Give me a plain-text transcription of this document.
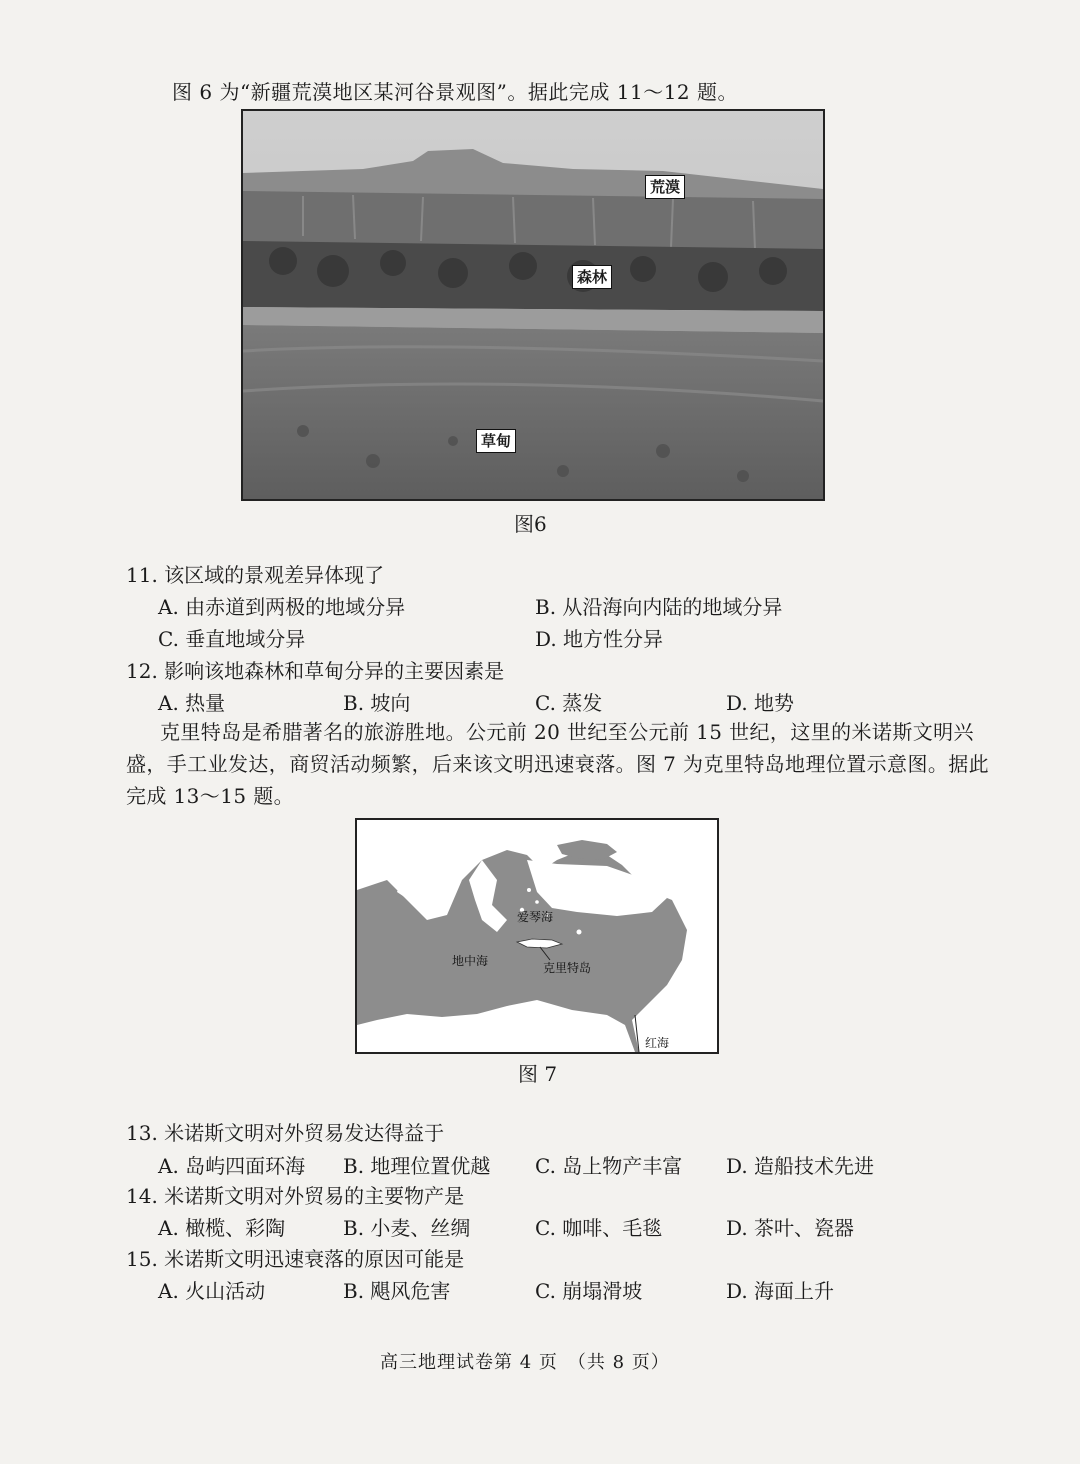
图 6 为“新疆荒漠地区某河谷景观图”。据此完成 11～12 题。
荒漠
森林
草甸
图6
11. 该区域的景观差异体现了
A. 由赤道到两极的地域分异	B. 从沿海向内陆的地域分异
C. 垂直地域分异	D. 地方性分异
12. 影响该地森林和草甸分异的主要因素是
A. 热量	B. 坡向	C. 蒸发	D. 地势
克里特岛是希腊著名的旅游胜地。公元前 20 世纪至公元前 15 世纪，这里的米诺斯文明兴
盛，手工业发达，商贸活动频繁，后来该文明迅速衰落。图 7 为克里特岛地理位置示意图。据此
完成 13～15 题。
爱琴海
地中海	克里特岛
红海
图 7
13. 米诺斯文明对外贸易发达得益于
A. 岛屿四面环海 B. 地理位置优越 C. 岛上物产丰富 D. 造船技术先进
14. 米诺斯文明对外贸易的主要物产是
A. 橄榄、彩陶	B. 小麦、丝绸	C. 咖啡、毛毯	D. 茶叶、瓷器
15. 米诺斯文明迅速衰落的原因可能是
A. 火山活动	B. 飓风危害	C. 崩塌滑坡	D. 海面上升
高三地理试卷第 4 页　（共 8 页）
